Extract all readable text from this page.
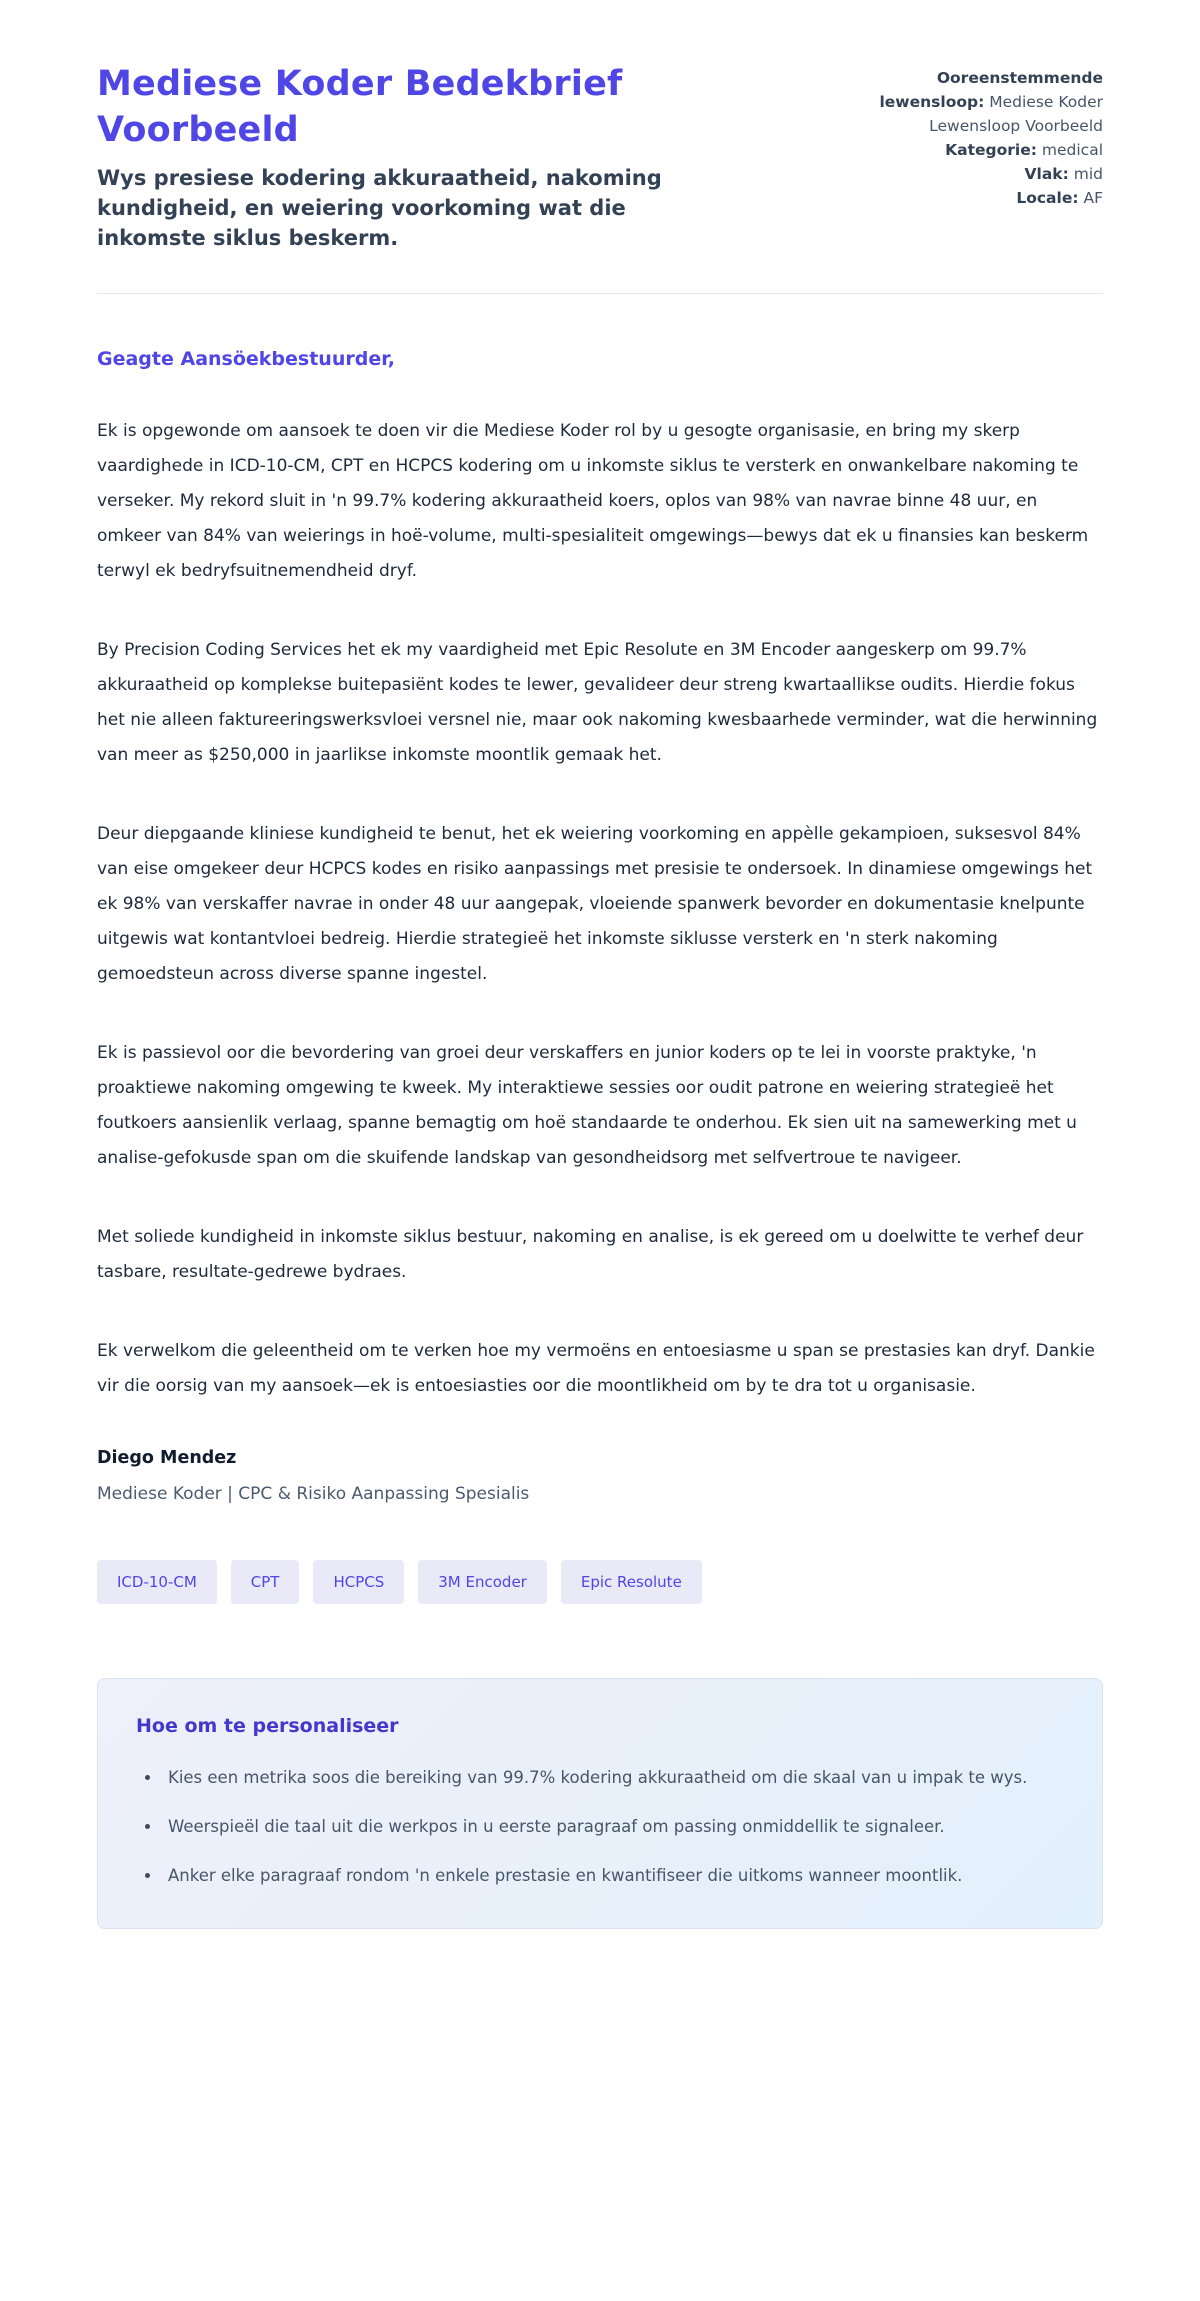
Mediese Koder Bedekbrief Voorbeeld

Wys presiese kodering akkuraatheid, nakoming kundigheid, en weiering voorkoming wat die inkomste siklus beskerm.

Ooreenstemmende lewensloop: Mediese Koder Lewensloop Voorbeeld

Kategorie: medical

Vlak: mid

Locale: AF

Geagte Aansöekbestuurder,

Ek is opgewonde om aansoek te doen vir die Mediese Koder rol by u gesogte organisasie, en bring my skerp vaardighede in ICD-10-CM, CPT en HCPCS kodering om u inkomste siklus te versterk en onwankelbare nakoming te verseker. My rekord sluit in 'n 99.7% kodering akkuraatheid koers, oplos van 98% van navrae binne 48 uur, en omkeer van 84% van weierings in hoë-volume, multi-spesialiteit omgewings—bewys dat ek u finansies kan beskerm terwyl ek bedryfsuitnemendheid dryf.

By Precision Coding Services het ek my vaardigheid met Epic Resolute en 3M Encoder aangeskerp om 99.7% akkuraatheid op komplekse buitepasiënt kodes te lewer, gevalideer deur streng kwartaallikse oudits. Hierdie fokus het nie alleen faktureeringswerksvloei versnel nie, maar ook nakoming kwesbaarhede verminder, wat die herwinning van meer as $250,000 in jaarlikse inkomste moontlik gemaak het.

Deur diepgaande kliniese kundigheid te benut, het ek weiering voorkoming en appèlle gekampioen, suksesvol 84% van eise omgekeer deur HCPCS kodes en risiko aanpassings met presisie te ondersoek. In dinamiese omgewings het ek 98% van verskaffer navrae in onder 48 uur aangepak, vloeiende spanwerk bevorder en dokumentasie knelpunte uitgewis wat kontantvloei bedreig. Hierdie strategieë het inkomste siklusse versterk en 'n sterk nakoming gemoedsteun across diverse spanne ingestel.

Ek is passievol oor die bevordering van groei deur verskaffers en junior koders op te lei in voorste praktyke, 'n proaktiewe nakoming omgewing te kweek. My interaktiewe sessies oor oudit patrone en weiering strategieë het foutkoers aansienlik verlaag, spanne bemagtig om hoë standaarde te onderhou. Ek sien uit na samewerking met u analise-gefokusde span om die skuifende landskap van gesondheidsorg met selfvertroue te navigeer.

Met soliede kundigheid in inkomste siklus bestuur, nakoming en analise, is ek gereed om u doelwitte te verhef deur tasbare, resultate-gedrewe bydraes.

Ek verwelkom die geleentheid om te verken hoe my vermoëns en entoesiasme u span se prestasies kan dryf. Dankie vir die oorsig van my aansoek—ek is entoesiasties oor die moontlikheid om by te dra tot u organisasie.

Diego Mendez

Mediese Koder | CPC & Risiko Aanpassing Spesialis

ICD-10-CM	CPT	HCPCS	3M Encoder	Epic Resolute
Hoe om te personaliseer
• Kies een metrika soos die bereiking van 99.7% kodering akkuraatheid om die skaal van u impak te wys.
• Weerspieël die taal uit die werkpos in u eerste paragraaf om passing onmiddellik te signaleer.
• Anker elke paragraaf rondom 'n enkele prestasie en kwantifiseer die uitkoms wanneer moontlik.
